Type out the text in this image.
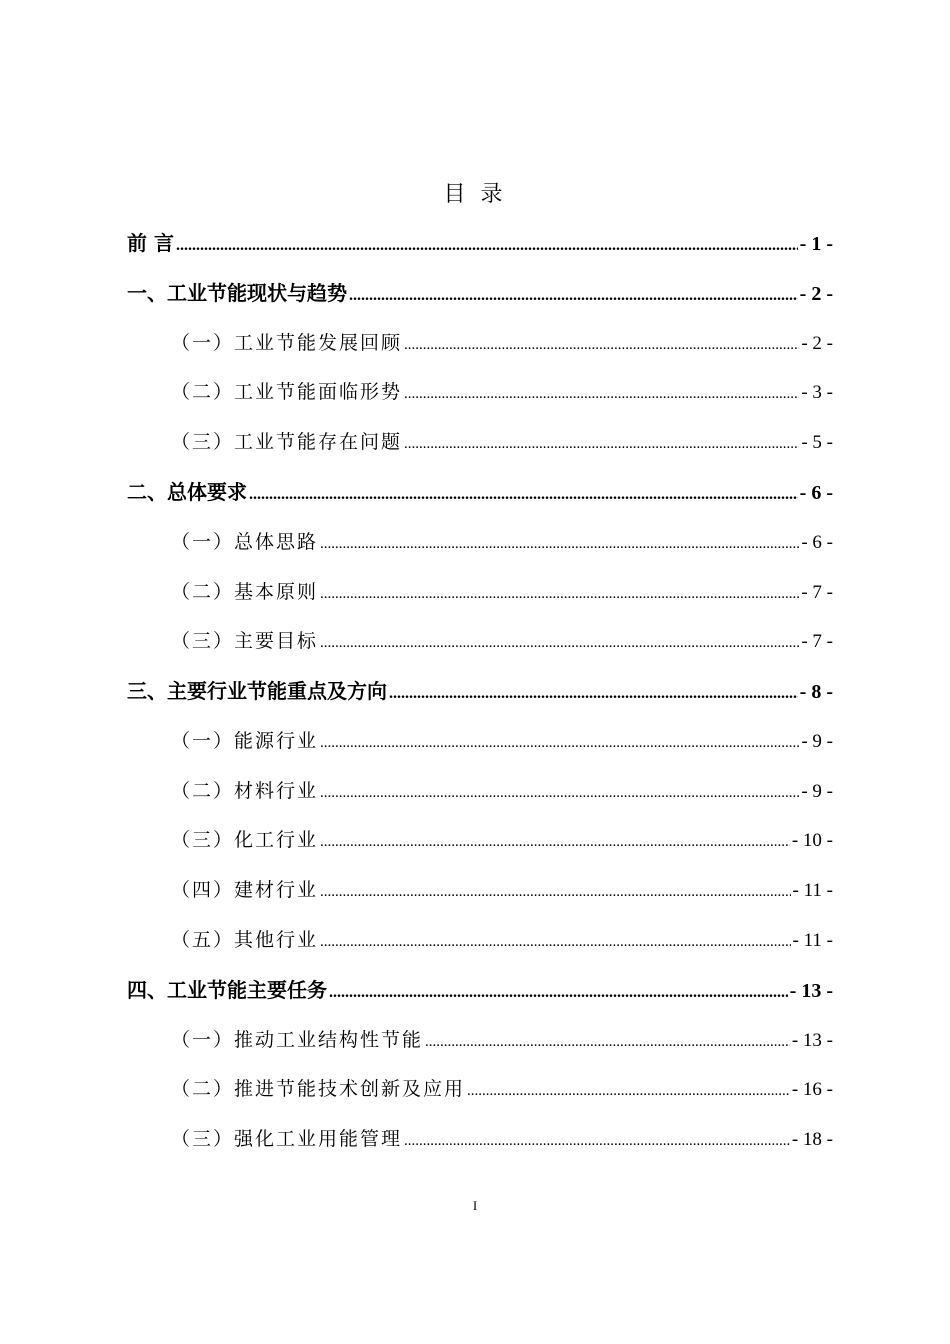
目 录
前 言 .....	- 1 -
一、工业节能现状与趋势 .....	- 2 -
（一）工业节能发展回顾 .....	- 2 -
（二）工业节能面临形势 .....	- 3 -
（三）工业节能存在问题 .....	- 5 -
二、总体要求 .....	- 6 -
（一）总体思路 .....	- 6 -
（二）基本原则 .....	- 7 -
（三）主要目标 .....	- 7 -
三、主要行业节能重点及方向 .....	- 8 -
（一）能源行业 .....	- 9 -
（二）材料行业 .....	- 9 -
（三）化工行业 .....	- 10 -
（四）建材行业 .....	- 11 -
（五）其他行业 .....	- 11 -
四、工业节能主要任务 .....	- 13 -
（一）推动工业结构性节能 .....	- 13 -
（二）推进节能技术创新及应用 .....	- 16 -
（三）强化工业用能管理 .....	- 18 -
I
